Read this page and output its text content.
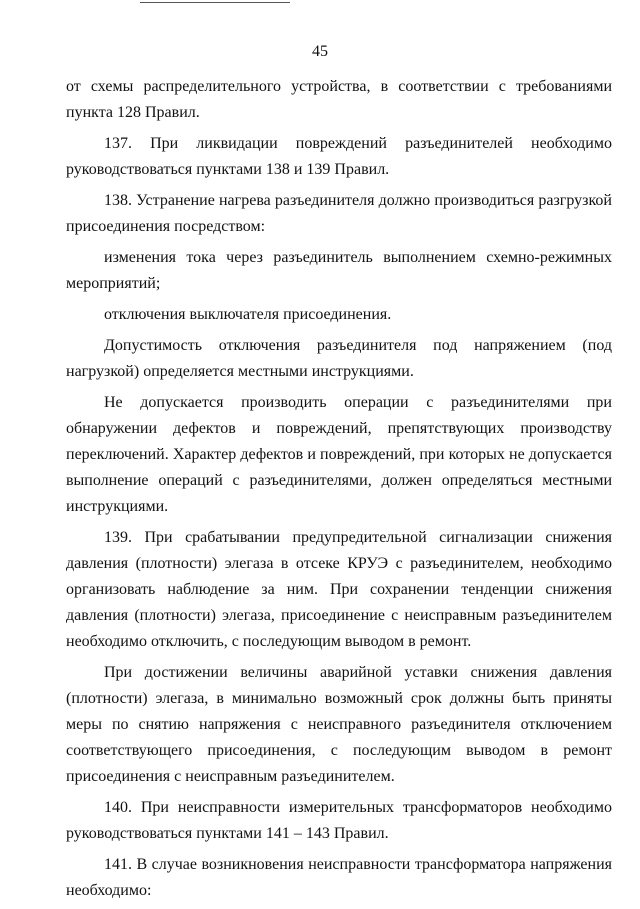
45

от схемы распределительного устройства, в соответствии с требованиями пункта 128 Правил.

137. При ликвидации повреждений разъединителей необходимо руководствоваться пунктами 138 и 139 Правил.

138. Устранение нагрева разъединителя должно производиться разгрузкой присоединения посредством:

изменения тока через разъединитель выполнением схемно-режимных мероприятий;

отключения выключателя присоединения.

Допустимость отключения разъединителя под напряжением (под нагрузкой) определяется местными инструкциями.

Не допускается производить операции с разъединителями при обнаружении дефектов и повреждений, препятствующих производству переключений. Характер дефектов и повреждений, при которых не допускается выполнение операций с разъединителями, должен определяться местными инструкциями.

139. При срабатывании предупредительной сигнализации снижения давления (плотности) элегаза в отсеке КРУЭ с разъединителем, необходимо организовать наблюдение за ним. При сохранении тенденции снижения давления (плотности) элегаза, присоединение с неисправным разъединителем необходимо отключить, с последующим выводом в ремонт.

При достижении величины аварийной уставки снижения давления (плотности) элегаза, в минимально возможный срок должны быть приняты меры по снятию напряжения с неисправного разъединителя отключением соответствующего присоединения, с последующим выводом в ремонт присоединения с неисправным разъединителем.

140. При неисправности измерительных трансформаторов необходимо руководствоваться пунктами 141 – 143 Правил.

141. В случае возникновения неисправности трансформатора напряжения необходимо:
